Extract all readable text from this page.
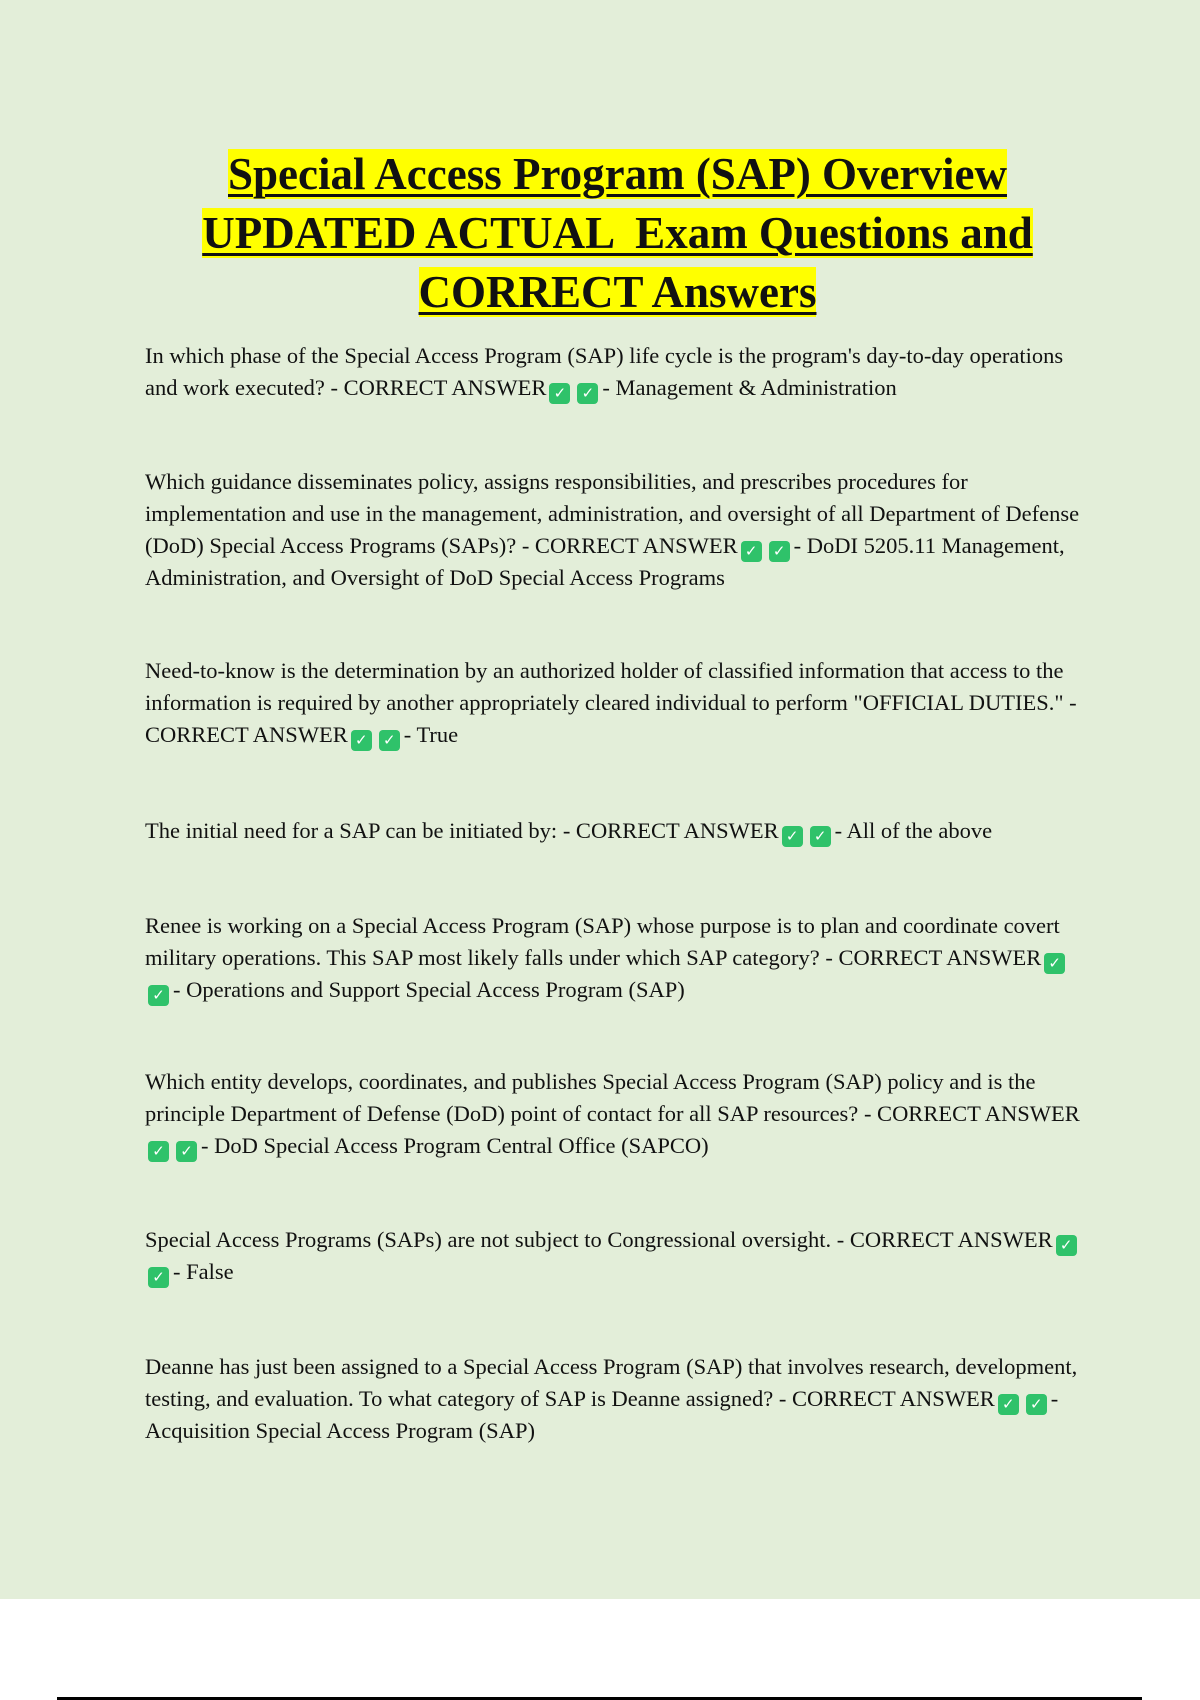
Special Access Program (SAP) Overview
UPDATED ACTUAL  Exam Questions and
CORRECT Answers
In which phase of the Special Access Program (SAP) life cycle is the program's day-to-day operations and work executed? - CORRECT ANSWER ✓ ✓ - Management & Administration
Which guidance disseminates policy, assigns responsibilities, and prescribes procedures for implementation and use in the management, administration, and oversight of all Department of Defense (DoD) Special Access Programs (SAPs)? - CORRECT ANSWER ✓ ✓ - DoDI 5205.11 Management, Administration, and Oversight of DoD Special Access Programs
Need-to-know is the determination by an authorized holder of classified information that access to the information is required by another appropriately cleared individual to perform "OFFICIAL DUTIES." - CORRECT ANSWER ✓ ✓ - True
The initial need for a SAP can be initiated by: - CORRECT ANSWER ✓ ✓ - All of the above
Renee is working on a Special Access Program (SAP) whose purpose is to plan and coordinate covert military operations. This SAP most likely falls under which SAP category? - CORRECT ANSWER ✓✓ - Operations and Support Special Access Program (SAP)
Which entity develops, coordinates, and publishes Special Access Program (SAP) policy and is the principle Department of Defense (DoD) point of contact for all SAP resources? - CORRECT ANSWER✓ ✓ - DoD Special Access Program Central Office (SAPCO)
Special Access Programs (SAPs) are not subject to Congressional oversight. - CORRECT ANSWER ✓✓ - False
Deanne has just been assigned to a Special Access Program (SAP) that involves research, development, testing, and evaluation. To what category of SAP is Deanne assigned? - CORRECT ANSWER ✓ ✓ - Acquisition Special Access Program (SAP)
